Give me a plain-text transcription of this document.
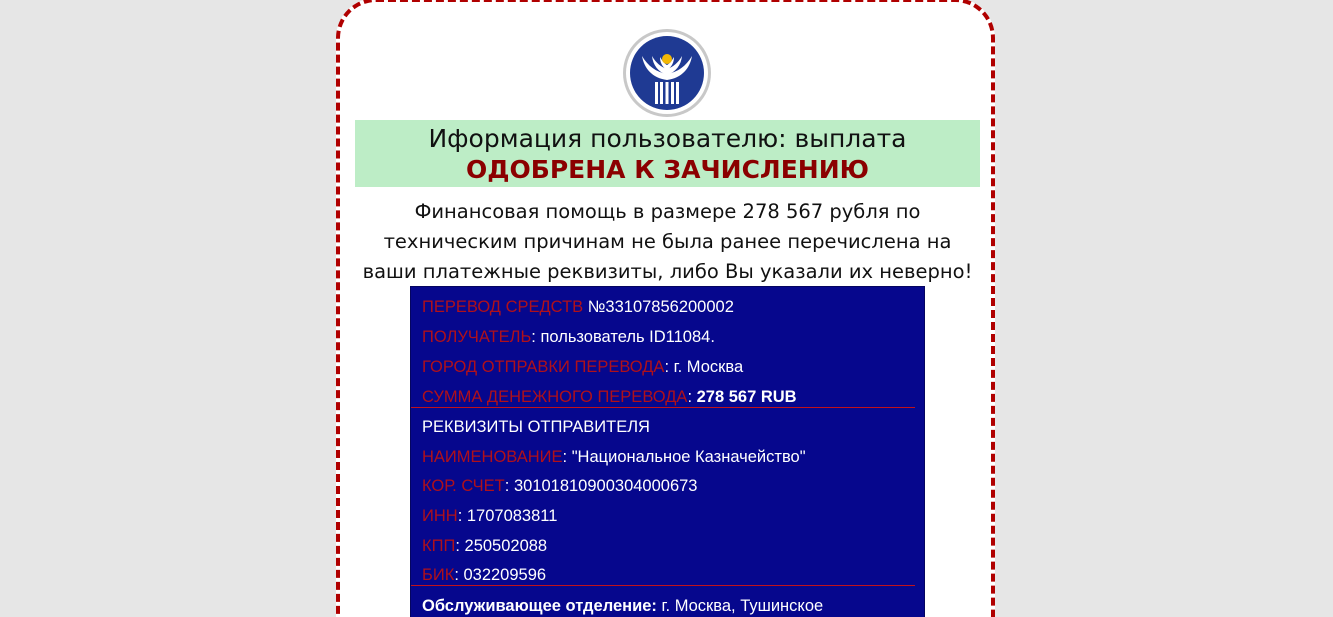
Иформация пользователю: выплата
ОДОБРЕНА К ЗАЧИСЛЕНИЮ
Финансовая помощь в размере 278 567 рубля по
техническим причинам не была ранее перечислена на
ваши платежные реквизиты, либо Вы указали их неверно!
ПЕРЕВОД СРЕДСТВ №33107856200002
ПОЛУЧАТЕЛЬ: пользователь ID11084.
ГОРОД ОТПРАВКИ ПЕРЕВОДА: г. Москва
СУММА ДЕНЕЖНОГО ПЕРЕВОДА: 278 567 RUB
РЕКВИЗИТЫ ОТПРАВИТЕЛЯ
НАИМЕНОВАНИЕ: "Национальное Казначейство"
КОР. СЧЕТ: 30101810900304000673
ИНН: 1707083811
КПП: 250502088
БИК: 032209596
Обслуживающее отделение: г. Москва, Тушинское
